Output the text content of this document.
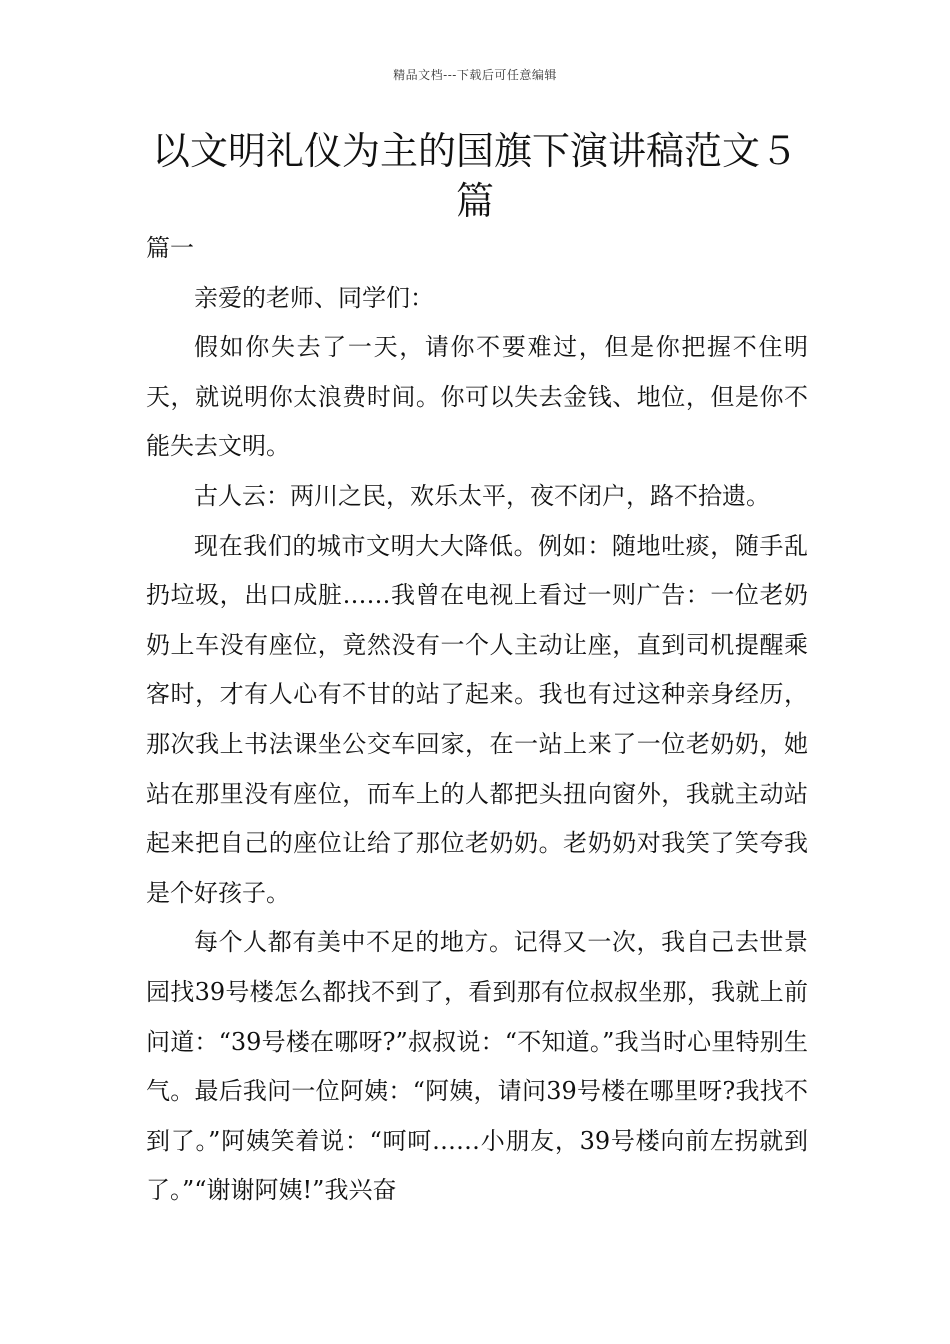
精品文档---下载后可任意编辑
以文明礼仪为主的国旗下演讲稿范文５篇

篇一

亲爱的老师、同学们：

假如你失去了一天，请你不要难过，但是你把握不住明天，就说明你太浪费时间。你可以失去金钱、地位，但是你不能失去文明。

古人云：两川之民，欢乐太平，夜不闭户，路不拾遗。

现在我们的城市文明大大降低。例如：随地吐痰，随手乱扔垃圾，出口成脏……我曾在电视上看过一则广告：一位老奶奶上车没有座位，竟然没有一个人主动让座，直到司机提醒乘客时，才有人心有不甘的站了起来。我也有过这种亲身经历，那次我上书法课坐公交车回家，在一站上来了一位老奶奶，她站在那里没有座位，而车上的人都把头扭向窗外，我就主动站起来把自己的座位让给了那位老奶奶。老奶奶对我笑了笑夸我是个好孩子。

每个人都有美中不足的地方。记得又一次，我自己去世景园找39号楼怎么都找不到了，看到那有位叔叔坐那，我就上前问道：“39号楼在哪呀?”叔叔说：“不知道。”我当时心里特别生气。最后我问一位阿姨：“阿姨，请问39号楼在哪里呀?我找不到了。”阿姨笑着说：“呵呵……小朋友，39号楼向前左拐就到了。”“谢谢阿姨!”我兴奋
